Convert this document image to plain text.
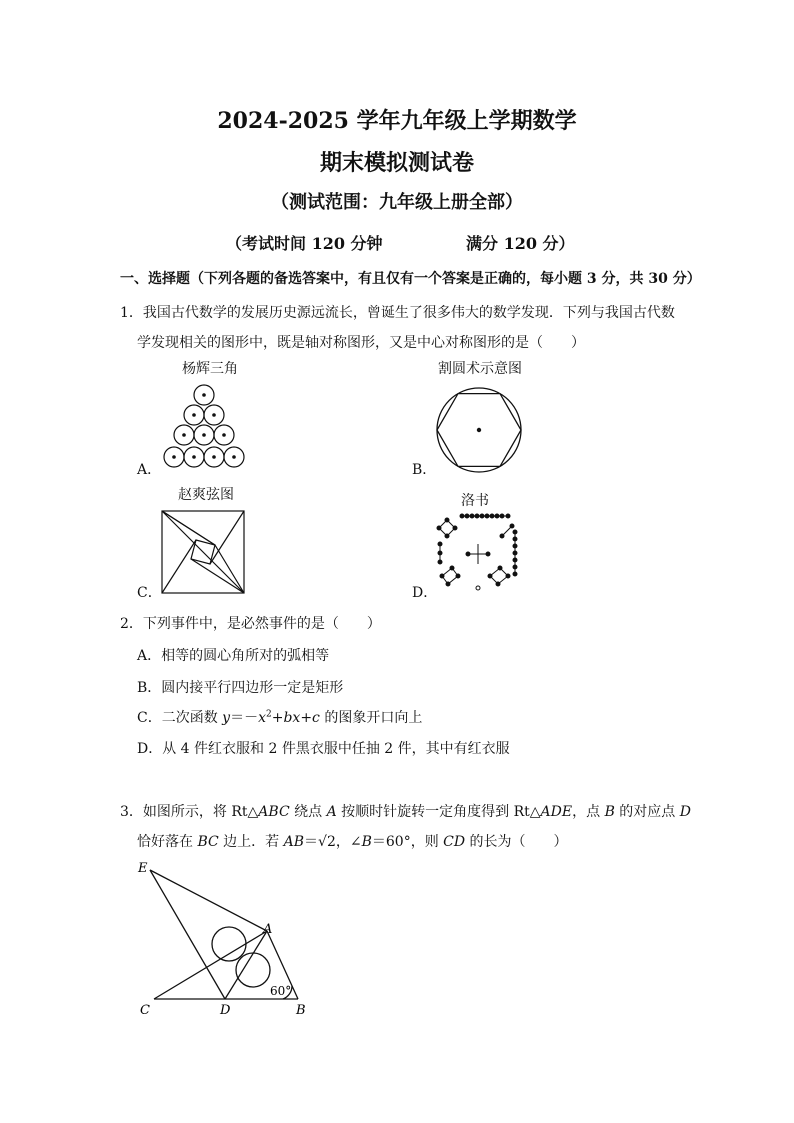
2024-2025 学年九年级上学期数学
期末模拟测试卷
（测试范围：九年级上册全部）
（考试时间 120 分钟	满分 120 分）
一、选择题（下列各题的备选答案中，有且仅有一个答案是正确的，每小题 3 分，共 30 分）
1．我国古代数学的发展历史源远流长，曾诞生了很多伟大的数学发现．下列与我国古代数
学发现相关的图形中，既是轴对称图形，又是中心对称图形的是（　　）
杨辉三角
A．
割圆术示意图
B．
赵爽弦图
C．
洛书
D．
2．下列事件中，是必然事件的是（　　）
A．相等的圆心角所对的弧相等
B．圆内接平行四边形一定是矩形
C．二次函数 $y=-x^2+bx+c$ 的图象开口向上
D．从 4 件红衣服和 2 件黑衣服中任抽 2 件，其中有红衣服
3．如图所示，将 Rt△ABC 绕点 A 按顺时针旋转一定角度得到 Rt△ADE，点 B 的对应点 D
恰好落在 BC 边上．若 AB＝√2，∠B＝60°，则 CD 的长为（　　）
E
A
C	D	B
60°
